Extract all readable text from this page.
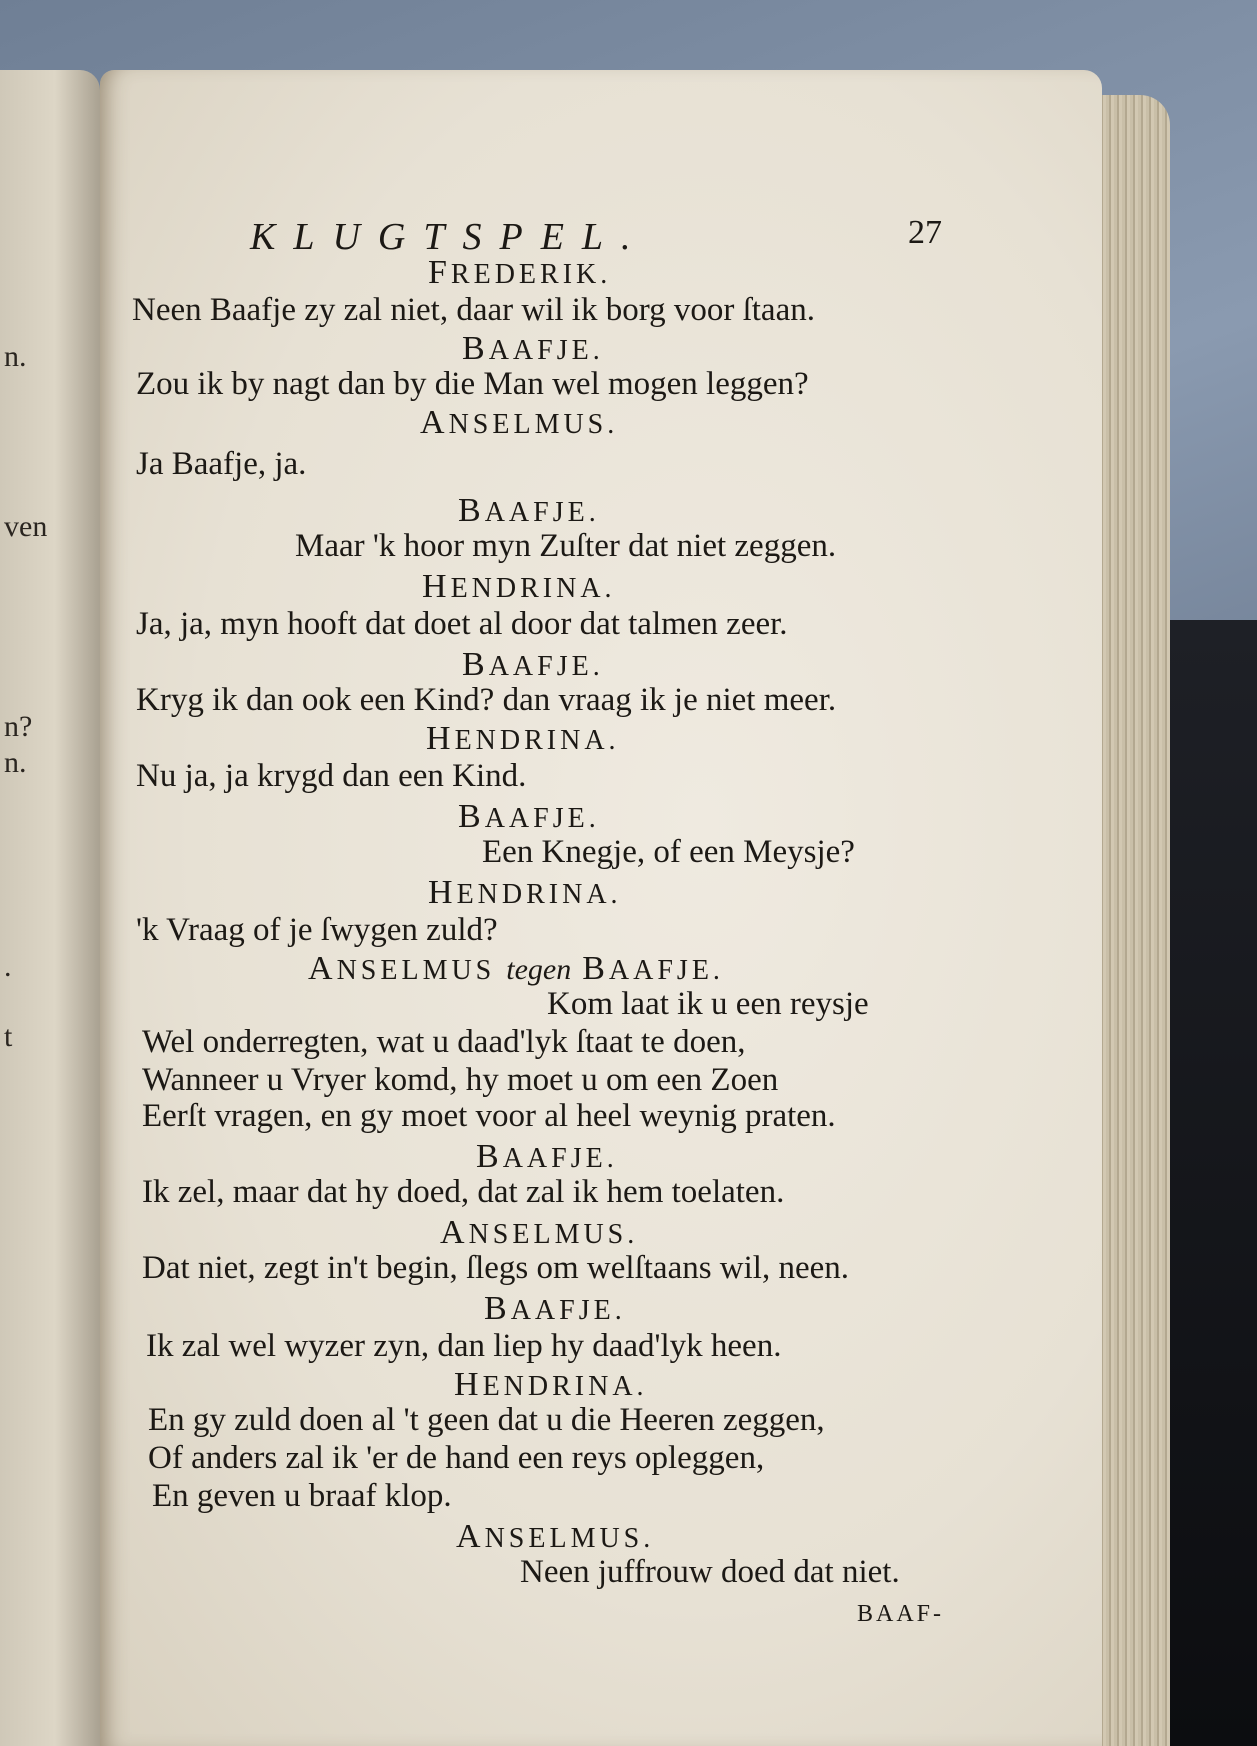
n.
ven
n?
n.
.
t
KLUGTSPEL.	27
FREDERIK.
Neen Baafje zy zal niet, daar wil ik borg voor ſtaan.
BAAFJE.
Zou ik by nagt dan by die Man wel mogen leggen?
ANSELMUS.
Ja Baafje, ja.
BAAFJE.
Maar 'k hoor myn Zuſter dat niet zeggen.
HENDRINA.
Ja, ja, myn hooft dat doet al door dat talmen zeer.
BAAFJE.
Kryg ik dan ook een Kind? dan vraag ik je niet meer.
HENDRINA.
Nu ja, ja krygd dan een Kind.
BAAFJE.
Een Knegje, of een Meysje?
HENDRINA.
'k Vraag of je ſwygen zuld?
ANSELMUS tegen BAAFJE.
Kom laat ik u een reysje
Wel onderregten, wat u daad'lyk ſtaat te doen,
Wanneer u Vryer komd, hy moet u om een Zoen
Eerſt vragen, en gy moet voor al heel weynig praten.
BAAFJE.
Ik zel, maar dat hy doed, dat zal ik hem toelaten.
ANSELMUS.
Dat niet, zegt in't begin, ſlegs om welſtaans wil, neen.
BAAFJE.
Ik zal wel wyzer zyn, dan liep hy daad'lyk heen.
HENDRINA.
En gy zuld doen al 't geen dat u die Heeren zeggen,
Of anders zal ik 'er de hand een reys opleggen,
En geven u braaf klop.
ANSELMUS.
Neen juffrouw doed dat niet.
BAAF-
